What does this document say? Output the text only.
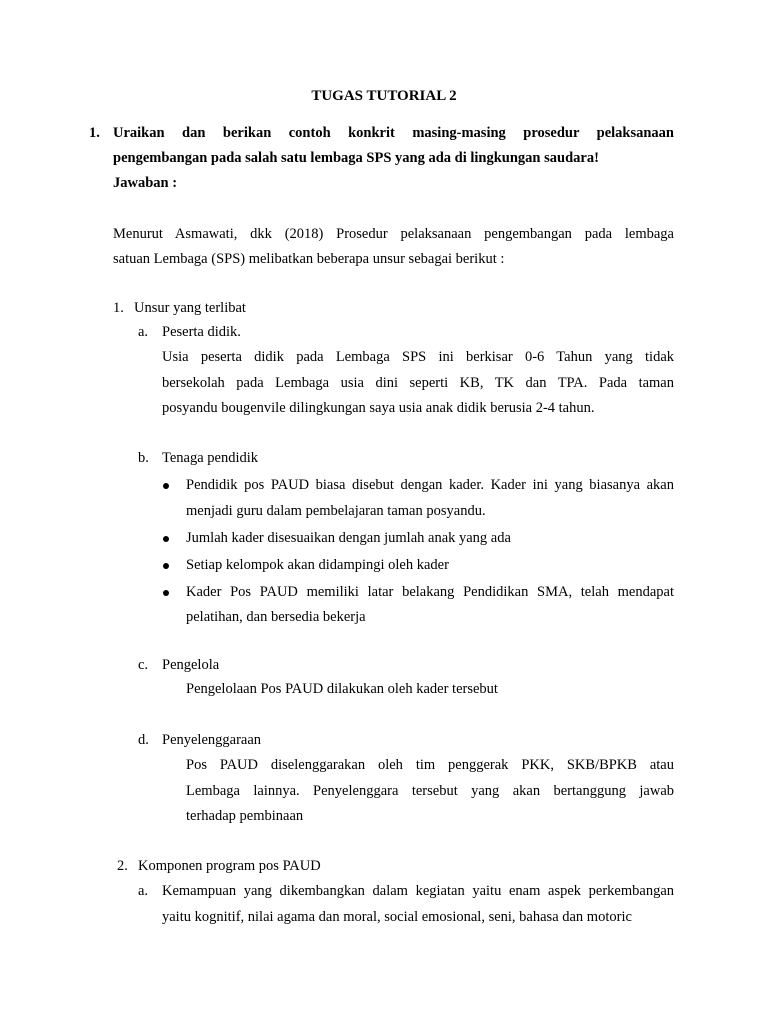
TUGAS TUTORIAL 2
1. Uraikan dan berikan contoh konkrit masing-masing prosedur pelaksanaan
pengembangan pada salah satu lembaga SPS yang ada di lingkungan saudara!
Jawaban :
Menurut Asmawati, dkk (2018) Prosedur pelaksanaan pengembangan pada lembaga
satuan Lembaga (SPS) melibatkan beberapa unsur sebagai berikut :
1. Unsur yang terlibat
a. Peserta didik.
Usia peserta didik pada Lembaga SPS ini berkisar 0-6 Tahun yang tidak
bersekolah pada Lembaga usia dini seperti KB, TK dan TPA. Pada taman
posyandu bougenvile dilingkungan saya usia anak didik berusia 2-4 tahun.
b. Tenaga pendidik
Pendidik pos PAUD biasa disebut dengan kader. Kader ini yang biasanya akan
menjadi guru dalam pembelajaran taman posyandu.
Jumlah kader disesuaikan dengan jumlah anak yang ada
Setiap kelompok akan didampingi oleh kader
Kader Pos PAUD memiliki latar belakang Pendidikan SMA, telah mendapat
pelatihan, dan bersedia bekerja
c. Pengelola
Pengelolaan Pos PAUD dilakukan oleh kader tersebut
d. Penyelenggaraan
Pos PAUD diselenggarakan oleh tim penggerak PKK, SKB/BPKB atau
Lembaga lainnya. Penyelenggara tersebut yang akan bertanggung jawab
terhadap pembinaan
2. Komponen program pos PAUD
a. Kemampuan yang dikembangkan dalam kegiatan yaitu enam aspek perkembangan
yaitu kognitif, nilai agama dan moral, social emosional, seni, bahasa dan motoric
